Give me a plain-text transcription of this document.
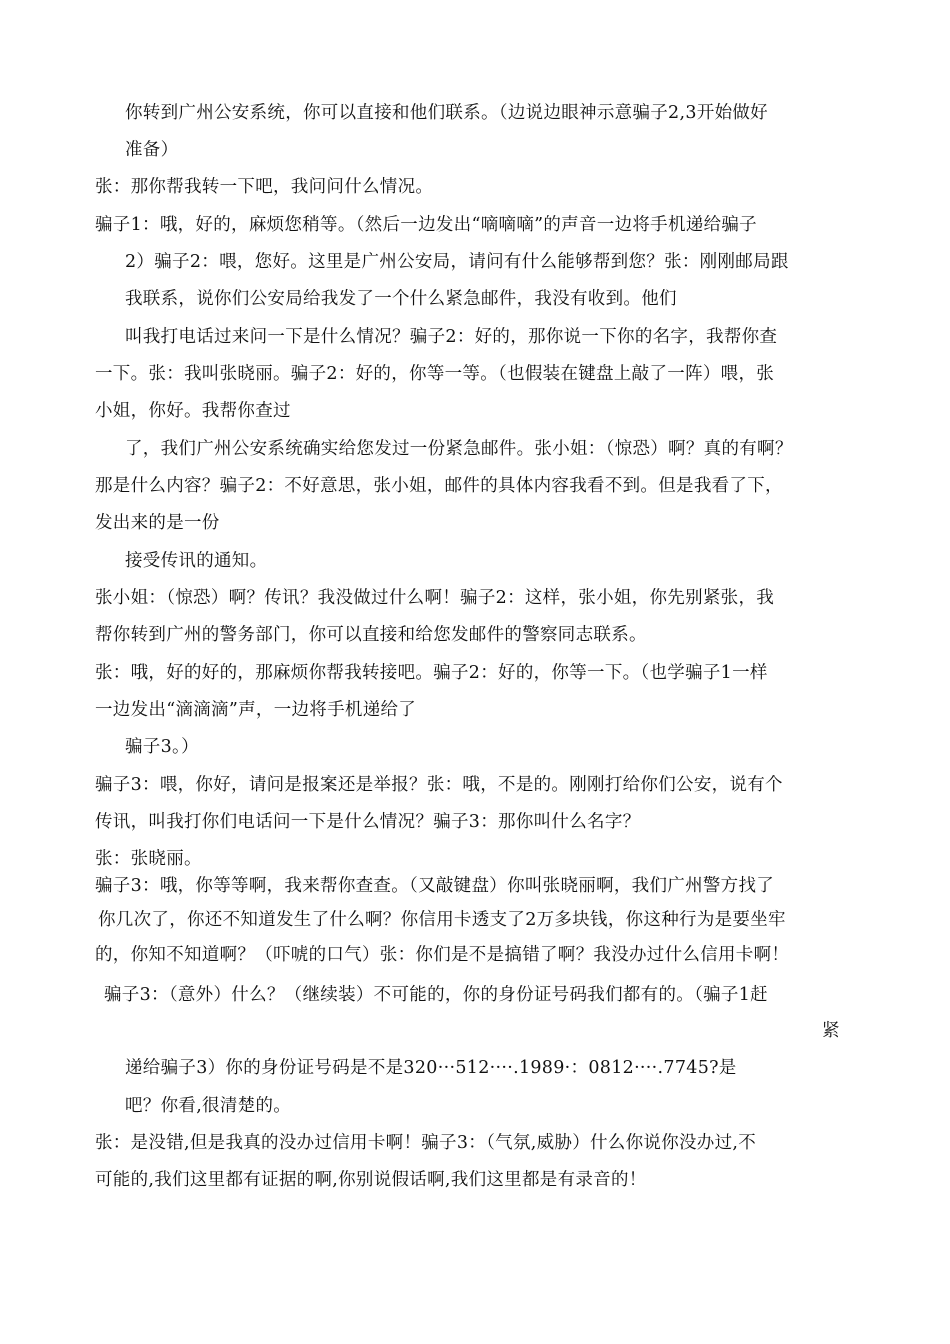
你转到广州公安系统，你可以直接和他们联系。（边说边眼神示意骗子2,3开始做好
准备）
张：那你帮我转一下吧，我问问什么情况。
骗子1：哦，好的，麻烦您稍等。（然后一边发出“嘀嘀嘀”的声音一边将手机递给骗子
2）骗子2：喂，您好。这里是广州公安局，请问有什么能够帮到您？张：刚刚邮局跟
我联系，说你们公安局给我发了一个什么紧急邮件，我没有收到。他们
叫我打电话过来问一下是什么情况？骗子2：好的，那你说一下你的名字，我帮你查
一下。张：我叫张晓丽。骗子2：好的，你等一等。（也假装在键盘上敲了一阵）喂，张
小姐，你好。我帮你查过
了，我们广州公安系统确实给您发过一份紧急邮件。张小姐：（惊恐）啊？真的有啊？
那是什么内容？骗子2：不好意思，张小姐，邮件的具体内容我看不到。但是我看了下，
发出来的是一份
接受传讯的通知。
张小姐：（惊恐）啊？传讯？我没做过什么啊！骗子2：这样，张小姐，你先别紧张，我
帮你转到广州的警务部门，你可以直接和给您发邮件的警察同志联系。
张：哦，好的好的，那麻烦你帮我转接吧。骗子2：好的，你等一下。（也学骗子1一样
一边发出“滴滴滴”声，一边将手机递给了
骗子3。）
骗子3：喂，你好，请问是报案还是举报？张：哦，不是的。刚刚打给你们公安，说有个
传讯，叫我打你们电话问一下是什么情况？骗子3：那你叫什么名字？
张：张晓丽。
骗子3：哦，你等等啊，我来帮你查查。（又敲键盘）你叫张晓丽啊，我们广州警方找了
你几次了，你还不知道发生了什么啊？你信用卡透支了2万多块钱，你这种行为是要坐牢
的，你知不知道啊？（吓唬的口气）张：你们是不是搞错了啊？我没办过什么信用卡啊！
骗子3：（意外）什么？（继续装）不可能的，你的身份证号码我们都有的。（骗子1赶
紧
递给骗子3）你的身份证号码是不是320···512····.1989·：0812····.7745?是
吧？你看,很清楚的。
张：是没错,但是我真的没办过信用卡啊！骗子3：（气氛,威胁）什么你说你没办过,不
可能的,我们这里都有证据的啊,你别说假话啊,我们这里都是有录音的！
